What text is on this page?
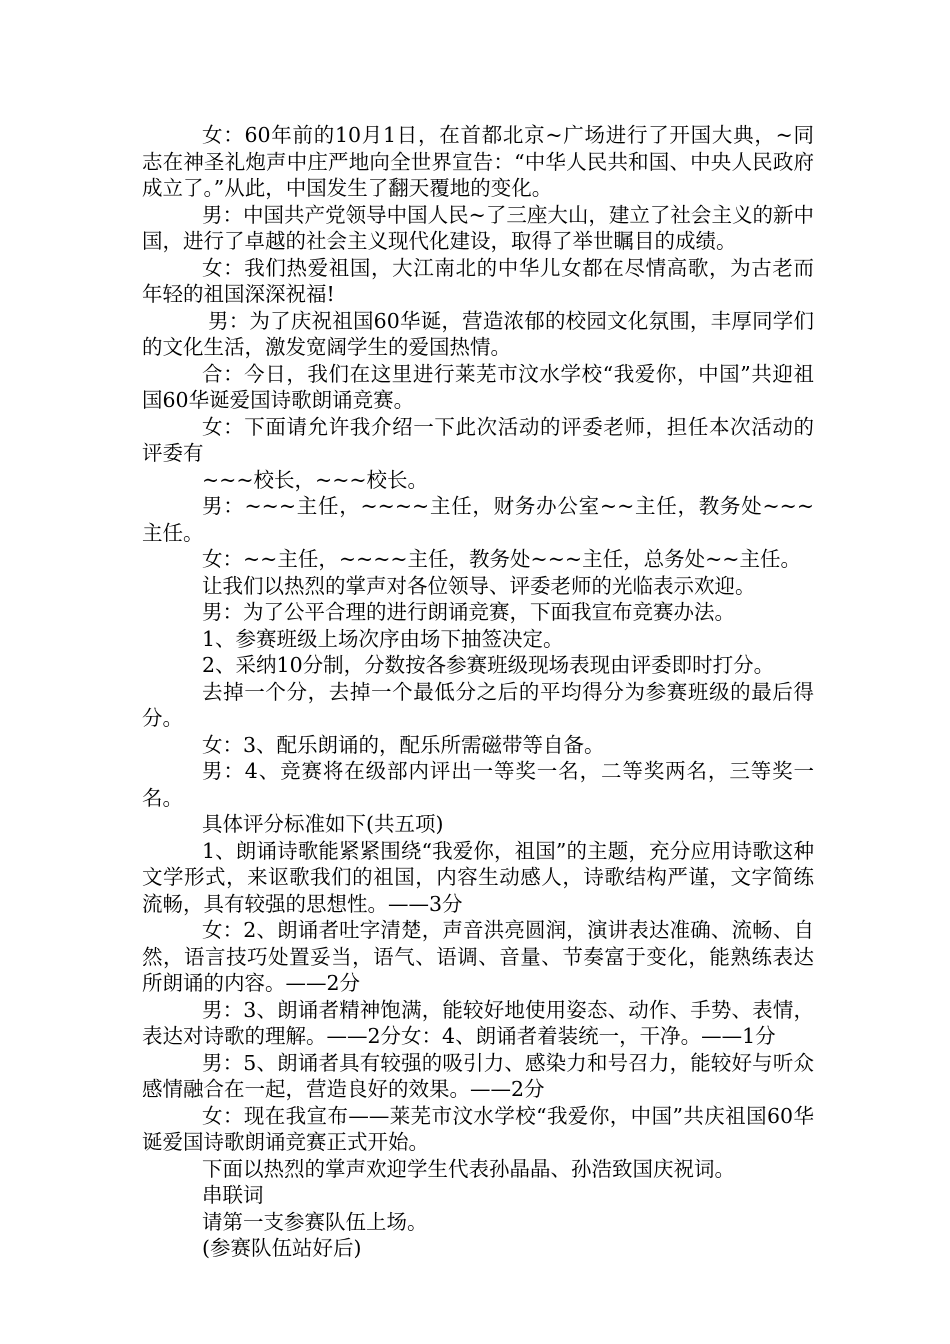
女：60年前的10月1日，在首都北京~广场进行了开国大典，~同志在神圣礼炮声中庄严地向全世界宣告：“中华人民共和国、中央人民政府成立了。”从此，中国发生了翻天覆地的变化。

男：中国共产党领导中国人民~了三座大山，建立了社会主义的新中国，进行了卓越的社会主义现代化建设，取得了举世瞩目的成绩。

女：我们热爱祖国，大江南北的中华儿女都在尽情高歌，为古老而年轻的祖国深深祝福!

男：为了庆祝祖国60华诞，营造浓郁的校园文化氛围，丰厚同学们的文化生活，激发宽阔学生的爱国热情。

合：今日，我们在这里进行莱芜市汶水学校“我爱你，中国”共迎祖国60华诞爱国诗歌朗诵竞赛。

女：下面请允许我介绍一下此次活动的评委老师，担任本次活动的评委有

~~~校长，~~~校长。

男：~~~主任，~~~~主任，财务办公室~~主任，教务处~~~主任。

女：~~主任，~~~~主任，教务处~~~主任，总务处~~主任。

让我们以热烈的掌声对各位领导、评委老师的光临表示欢迎。

男：为了公平合理的进行朗诵竞赛，下面我宣布竞赛办法。

1、参赛班级上场次序由场下抽签决定。

2、采纳10分制，分数按各参赛班级现场表现由评委即时打分。

去掉一个分，去掉一个最低分之后的平均得分为参赛班级的最后得分。

女：3、配乐朗诵的，配乐所需磁带等自备。

男：4、竞赛将在级部内评出一等奖一名，二等奖两名，三等奖一名。

具体评分标准如下(共五项)

1、朗诵诗歌能紧紧围绕“我爱你，祖国”的主题，充分应用诗歌这种文学形式，来讴歌我们的祖国，内容生动感人，诗歌结构严谨，文字简练流畅，具有较强的思想性。——3分

女：2、朗诵者吐字清楚，声音洪亮圆润，演讲表达准确、流畅、自然，语言技巧处置妥当，语气、语调、音量、节奏富于变化，能熟练表达所朗诵的内容。——2分

男：3、朗诵者精神饱满，能较好地使用姿态、动作、手势、表情，表达对诗歌的理解。——2分女：4、朗诵者着装统一，干净。——1分

男：5、朗诵者具有较强的吸引力、感染力和号召力，能较好与听众感情融合在一起，营造良好的效果。——2分

女：现在我宣布——莱芜市汶水学校“我爱你，中国”共庆祖国60华诞爱国诗歌朗诵竞赛正式开始。

下面以热烈的掌声欢迎学生代表孙晶晶、孙浩致国庆祝词。

串联词

请第一支参赛队伍上场。

(参赛队伍站好后)
